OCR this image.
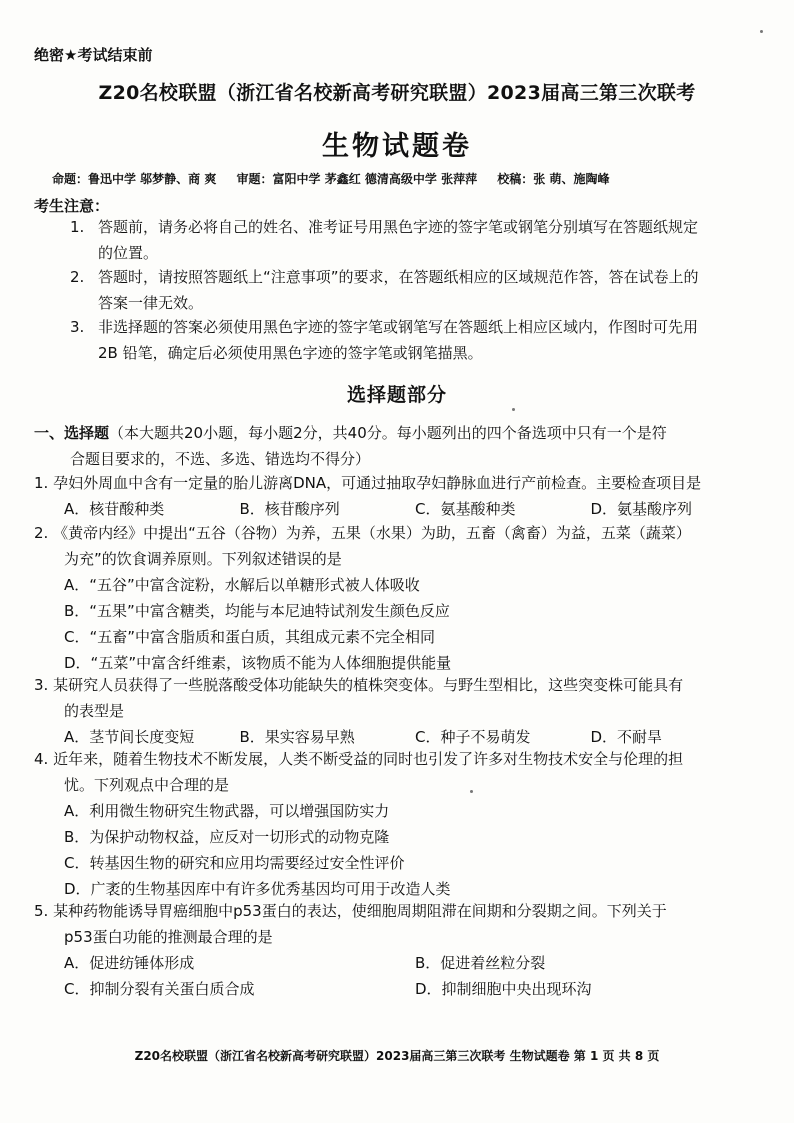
绝密★考试结束前
Z20名校联盟（浙江省名校新高考研究联盟）2023届高三第三次联考
生物试题卷
命题：鲁迅中学 邬梦静、商 爽 审题：富阳中学 茅鑫红 德清高级中学 张萍萍 校稿：张 萌、施陶峰
考生注意：
1. 答题前，请务必将自己的姓名、准考证号用黑色字迹的签字笔或钢笔分别填写在答题纸规定
的位置。
2. 答题时，请按照答题纸上“注意事项”的要求，在答题纸相应的区域规范作答，答在试卷上的
答案一律无效。
3. 非选择题的答案必须使用黑色字迹的签字笔或钢笔写在答题纸上相应区域内，作图时可先用
2B 铅笔，确定后必须使用黑色字迹的签字笔或钢笔描黑。
选择题部分
一、选择题（本大题共20小题，每小题2分，共40分。每小题列出的四个备选项中只有一个是符
合题目要求的，不选、多选、错选均不得分）
1. 孕妇外周血中含有一定量的胎儿游离DNA，可通过抽取孕妇静脉血进行产前检查。主要检查项目是
A．核苷酸种类	B．核苷酸序列	C．氨基酸种类	D．氨基酸序列
2. 《黄帝内经》中提出“五谷（谷物）为养，五果（水果）为助，五畜（禽畜）为益，五菜（蔬菜）
为充”的饮食调养原则。下列叙述错误的是
A．“五谷”中富含淀粉，水解后以单糖形式被人体吸收
B．“五果”中富含糖类，均能与本尼迪特试剂发生颜色反应
C．“五畜”中富含脂质和蛋白质，其组成元素不完全相同
D．“五菜”中富含纤维素，该物质不能为人体细胞提供能量
3. 某研究人员获得了一些脱落酸受体功能缺失的植株突变体。与野生型相比，这些突变株可能具有
的表型是
A．茎节间长度变短	B．果实容易早熟	C．种子不易萌发	D．不耐旱
4. 近年来，随着生物技术不断发展，人类不断受益的同时也引发了许多对生物技术安全与伦理的担
忧。下列观点中合理的是
A．利用微生物研究生物武器，可以增强国防实力
B．为保护动物权益，应反对一切形式的动物克隆
C．转基因生物的研究和应用均需要经过安全性评价
D．广袤的生物基因库中有许多优秀基因均可用于改造人类
5. 某种药物能诱导胃癌细胞中p53蛋白的表达，使细胞周期阻滞在间期和分裂期之间。下列关于
p53蛋白功能的推测最合理的是
A．促进纺锤体形成	B．促进着丝粒分裂
C．抑制分裂有关蛋白质合成	D．抑制细胞中央出现环沟
Z20名校联盟（浙江省名校新高考研究联盟）2023届高三第三次联考 生物试题卷 第 1 页 共 8 页
